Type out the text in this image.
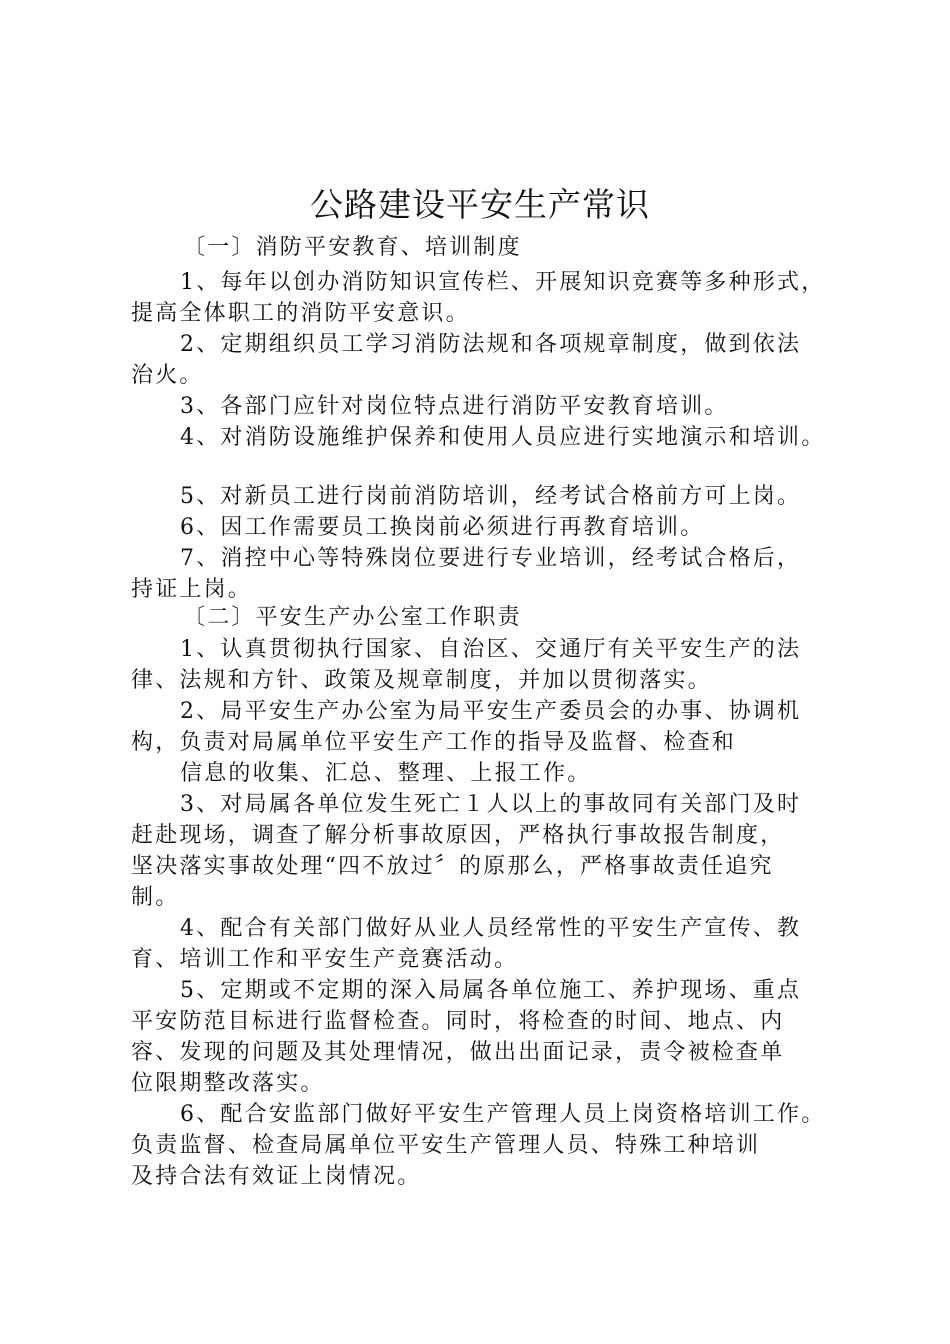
公路建设平安生产常识
〔一〕消防平安教育、培训制度
1、每年以创办消防知识宣传栏、开展知识竞赛等多种形式，
提高全体职工的消防平安意识。
2、定期组织员工学习消防法规和各项规章制度，做到依法
治火。
3、各部门应针对岗位特点进行消防平安教育培训。
4、对消防设施维护保养和使用人员应进行实地演示和培训。
5、对新员工进行岗前消防培训，经考试合格前方可上岗。
6、因工作需要员工换岗前必须进行再教育培训。
7、消控中心等特殊岗位要进行专业培训，经考试合格后，
持证上岗。
〔二〕平安生产办公室工作职责
1、认真贯彻执行国家、自治区、交通厅有关平安生产的法
律、法规和方针、政策及规章制度，并加以贯彻落实。
2、局平安生产办公室为局平安生产委员会的办事、协调机
构，负责对局属单位平安生产工作的指导及监督、检查和
信息的收集、汇总、整理、上报工作。
3、对局属各单位发生死亡１人以上的事故同有关部门及时
赶赴现场，调查了解分析事故原因，严格执行事故报告制度，
坚决落实事故处理“四不放过〞的原那么，严格事故责任追究
制。
4、配合有关部门做好从业人员经常性的平安生产宣传、教
育、培训工作和平安生产竞赛活动。
5、定期或不定期的深入局属各单位施工、养护现场、重点
平安防范目标进行监督检查。同时，将检查的时间、地点、内
容、发现的问题及其处理情况，做出出面记录，责令被检查单
位限期整改落实。
6、配合安监部门做好平安生产管理人员上岗资格培训工作。
负责监督、检查局属单位平安生产管理人员、特殊工种培训
及持合法有效证上岗情况。
